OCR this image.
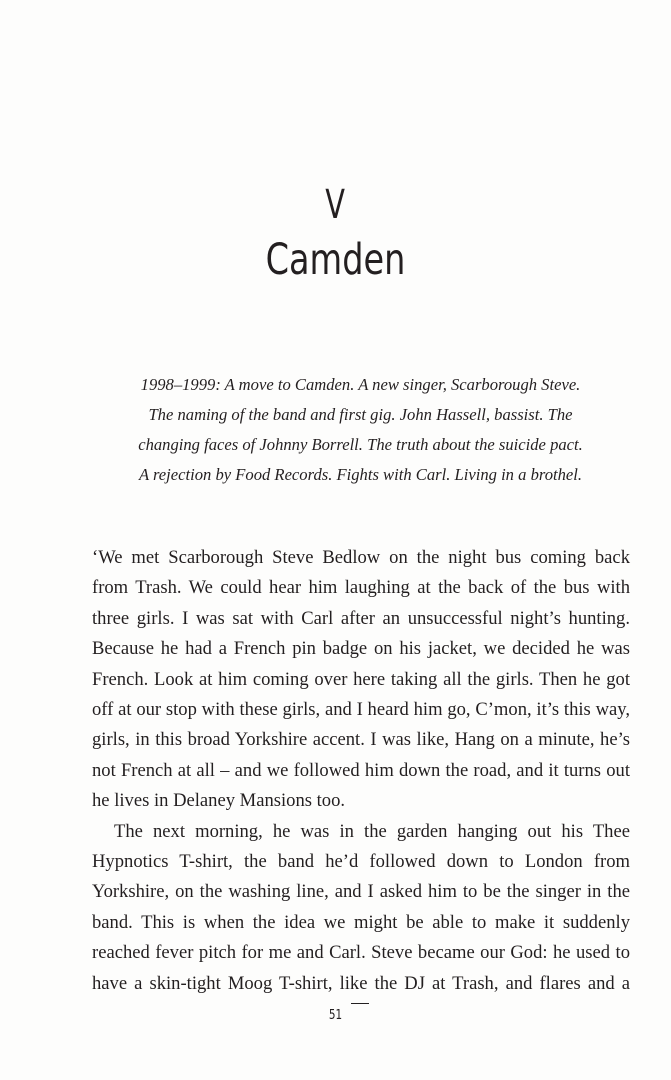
V
Camden
1998–1999: A move to Camden. A new singer, Scarborough Steve.
The naming of the band and first gig. John Hassell, bassist. The
changing faces of Johnny Borrell. The truth about the suicide pact.
A rejection by Food Records. Fights with Carl. Living in a brothel.
‘We met Scarborough Steve Bedlow on the night bus coming back
from Trash. We could hear him laughing at the back of the bus with
three girls. I was sat with Carl after an unsuccessful night’s hunting.
Because he had a French pin badge on his jacket, we decided he was
French. Look at him coming over here taking all the girls. Then he got
off at our stop with these girls, and I heard him go, C’mon, it’s this way,
girls, in this broad Yorkshire accent. I was like, Hang on a minute, he’s
not French at all – and we followed him down the road, and it turns out
he lives in Delaney Mansions too.
The next morning, he was in the garden hanging out his Thee
Hypnotics T-shirt, the band he’d followed down to London from
Yorkshire, on the washing line, and I asked him to be the singer in the
band. This is when the idea we might be able to make it suddenly
reached fever pitch for me and Carl. Steve became our God: he used to
have a skin-tight Moog T-shirt, like the DJ at Trash, and flares and a
51
